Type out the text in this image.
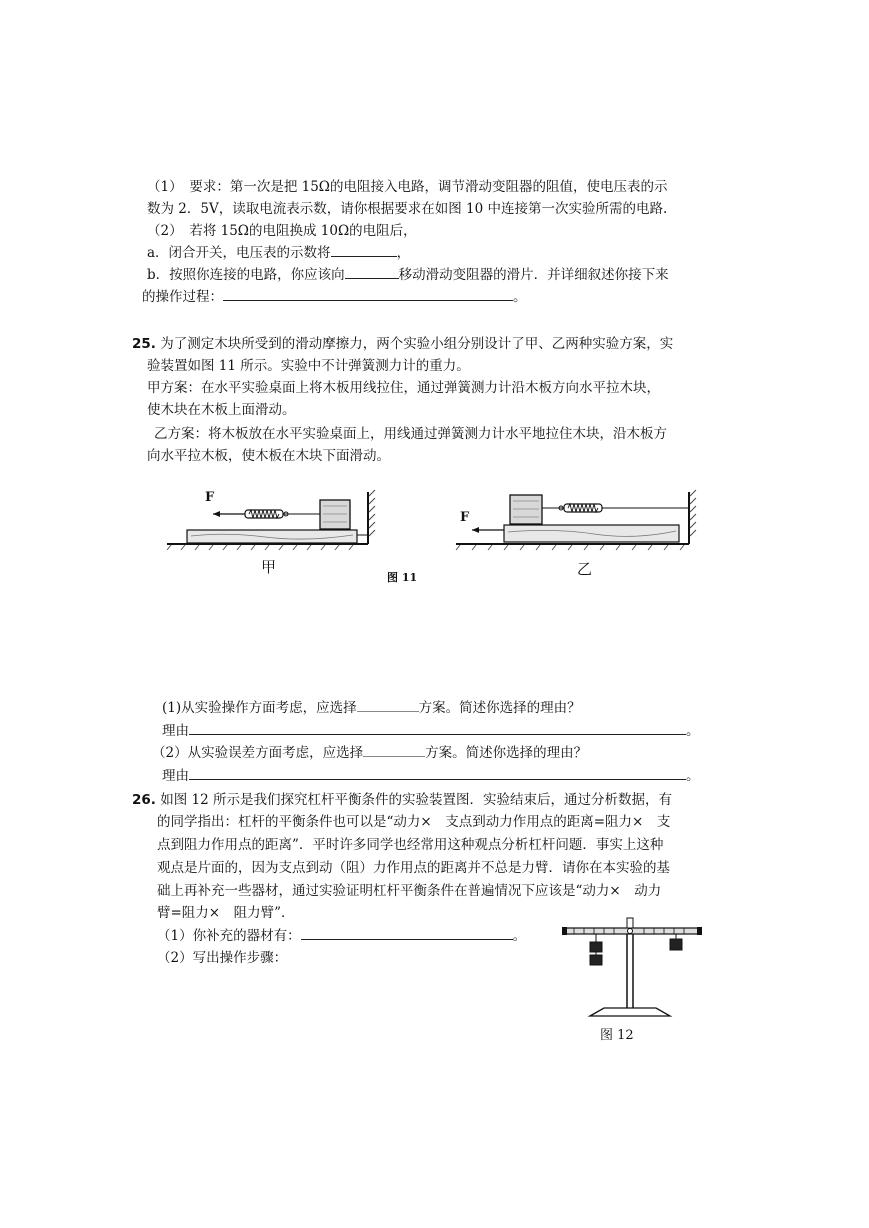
（1）　要求：第一次是把 15Ω的电阻接入电路，调节滑动变阻器的阻值，使电压表的示
数为 2．5V，读取电流表示数，请你根据要求在如图 10 中连接第一次实验所需的电路.
（2）　若将 15Ω的电阻换成 10Ω的电阻后，
a．闭合开关，电压表的示数将	，
b．按照你连接的电路，你应该向	移动滑动变阻器的滑片．并详细叙述你接下来
的操作过程：	。
25. 为了测定木块所受到的滑动摩擦力，两个实验小组分别设计了甲、乙两种实验方案，实
验装置如图 11 所示。实验中不计弹簧测力计的重力。
甲方案：在水平实验桌面上将木板用线拉住，通过弹簧测力计沿木板方向水平拉木块，
使木块在木板上面滑动。
乙方案：将木板放在水平实验桌面上，用线通过弹簧测力计水平地拉住木块，沿木板方
向水平拉木板，使木板在木块下面滑动。
F
甲
F
乙
图 11
(1)从实验操作方面考虑，应选择	方案。简述你选择的理由？
理由	。
（2）从实验误差方面考虑，应选择	方案。简述你选择的理由？
理由	。
26. 如图 12 所示是我们探究杠杆平衡条件的实验装置图．实验结束后，通过分析数据，有
的同学指出：杠杆的平衡条件也可以是“动力×　支点到动力作用点的距离=阻力×　支
点到阻力作用点的距离”．平时许多同学也经常用这种观点分析杠杆问题．事实上这种
观点是片面的，因为支点到动（阻）力作用点的距离并不总是力臂．请你在本实验的基
础上再补充一些器材，通过实验证明杠杆平衡条件在普遍情况下应该是“动力×　动力
臂=阻力×　阻力臂”．
（1）你补充的器材有：	。
（2）写出操作步骤：
图 12
